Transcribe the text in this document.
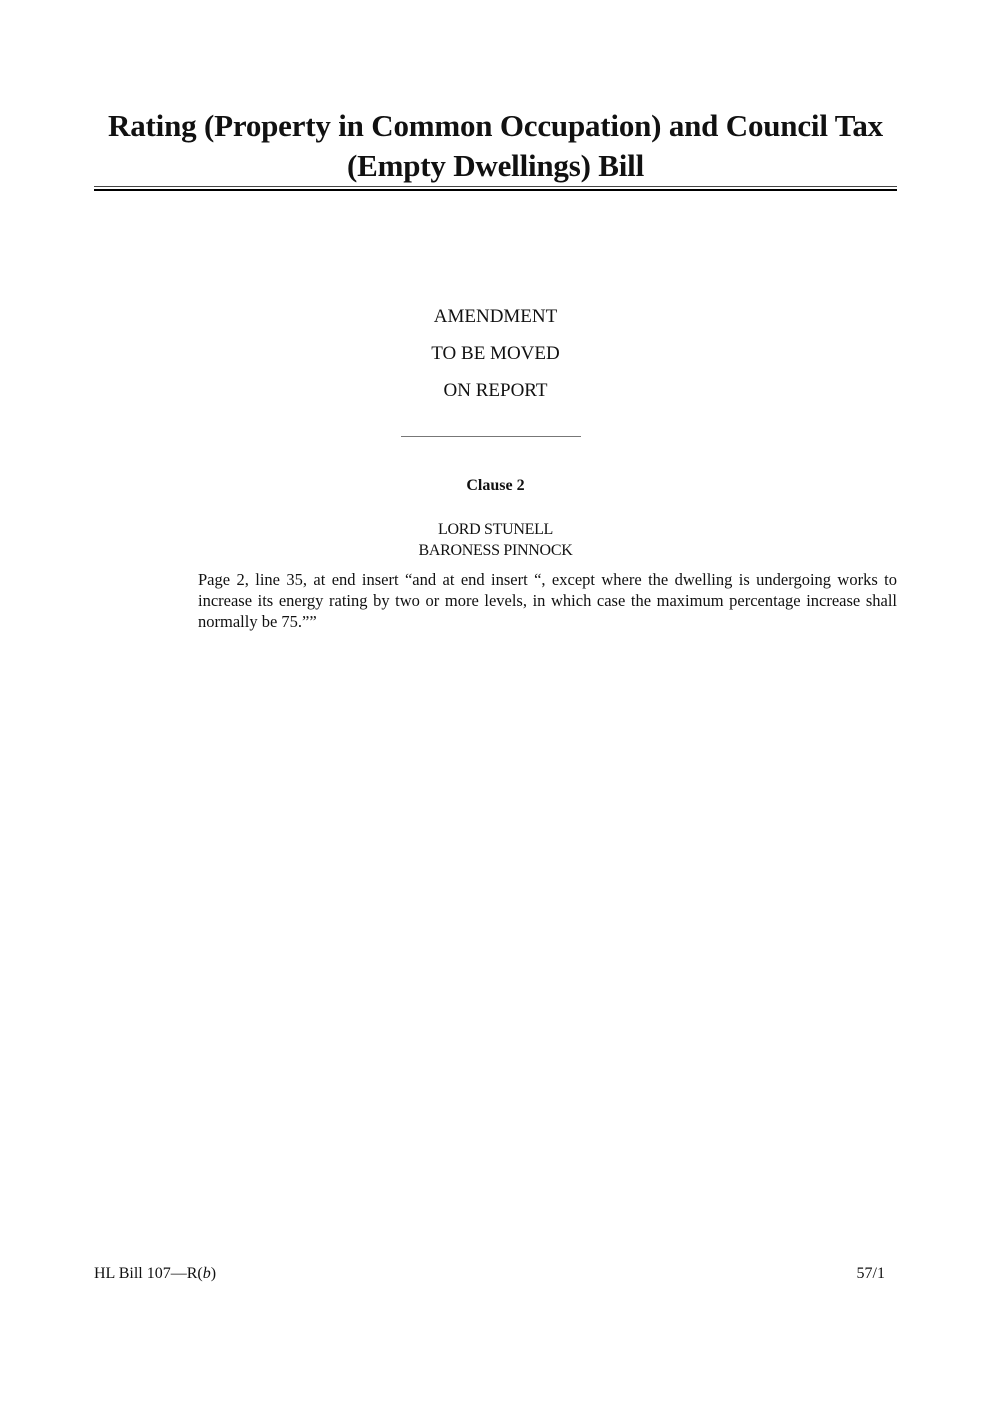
Rating (Property in Common Occupation) and Council Tax (Empty Dwellings) Bill
AMENDMENT
TO BE MOVED
ON REPORT
Clause 2
LORD STUNELL
BARONESS PINNOCK

Page 2, line 35, at end insert “and at end insert “, except where the dwelling is undergoing works to increase its energy rating by two or more levels, in which case the maximum percentage increase shall normally be 75.””

HL Bill 107—R(b)	57/1
